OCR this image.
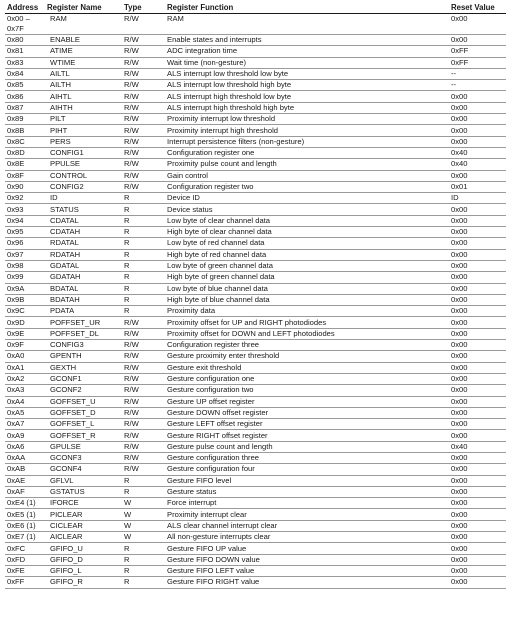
Address	Register Name	Type	Register Function	Reset Value
0x00 – 0x7F	RAM	R/W	RAM	0x00
0x80	ENABLE	R/W	Enable states and interrupts	0x00
0x81	ATIME	R/W	ADC integration time	0xFF
0x83	WTIME	R/W	Wait time (non-gesture)	0xFF
0x84	AILTL	R/W	ALS interrupt low threshold low byte	--
0x85	AILTH	R/W	ALS interrupt low threshold high byte	--
0x86	AIHTL	R/W	ALS interrupt high threshold low byte	0x00
0x87	AIHTH	R/W	ALS interrupt high threshold high byte	0x00
0x89	PILT	R/W	Proximity interrupt low threshold	0x00
0x8B	PIHT	R/W	Proximity interrupt high threshold	0x00
0x8C	PERS	R/W	Interrupt persistence filters (non-gesture)	0x00
0x8D	CONFIG1	R/W	Configuration register one	0x40
0x8E	PPULSE	R/W	Proximity pulse count and length	0x40
0x8F	CONTROL	R/W	Gain control	0x00
0x90	CONFIG2	R/W	Configuration register two	0x01
0x92	ID	R	Device ID	ID
0x93	STATUS	R	Device status	0x00
0x94	CDATAL	R	Low byte of clear channel data	0x00
0x95	CDATAH	R	High byte of clear channel data	0x00
0x96	RDATAL	R	Low byte of red channel data	0x00
0x97	RDATAH	R	High byte of red channel data	0x00
0x98	GDATAL	R	Low byte of green channel data	0x00
0x99	GDATAH	R	High byte of green channel data	0x00
0x9A	BDATAL	R	Low byte of blue channel data	0x00
0x9B	BDATAH	R	High byte of blue channel data	0x00
0x9C	PDATA	R	Proximity data	0x00
0x9D	POFFSET_UR	R/W	Proximity offset for UP and RIGHT photodiodes	0x00
0x9E	POFFSET_DL	R/W	Proximity offset for DOWN and LEFT photodiodes	0x00
0x9F	CONFIG3	R/W	Configuration register three	0x00
0xA0	GPENTH	R/W	Gesture proximity enter threshold	0x00
0xA1	GEXTH	R/W	Gesture exit threshold	0x00
0xA2	GCONF1	R/W	Gesture configuration one	0x00
0xA3	GCONF2	R/W	Gesture configuration two	0x00
0xA4	GOFFSET_U	R/W	Gesture UP offset register	0x00
0xA5	GOFFSET_D	R/W	Gesture DOWN offset register	0x00
0xA7	GOFFSET_L	R/W	Gesture LEFT offset register	0x00
0xA9	GOFFSET_R	R/W	Gesture RIGHT offset register	0x00
0xA6	GPULSE	R/W	Gesture pulse count and length	0x40
0xAA	GCONF3	R/W	Gesture configuration three	0x00
0xAB	GCONF4	R/W	Gesture configuration four	0x00
0xAE	GFLVL	R	Gesture FIFO level	0x00
0xAF	GSTATUS	R	Gesture status	0x00
0xE4 (1)	IFORCE	W	Force interrupt	0x00
0xE5 (1)	PICLEAR	W	Proximity interrupt clear	0x00
0xE6 (1)	CICLEAR	W	ALS clear channel interrupt clear	0x00
0xE7 (1)	AICLEAR	W	All non-gesture interrupts clear	0x00
0xFC	GFIFO_U	R	Gesture FIFO UP value	0x00
0xFD	GFIFO_D	R	Gesture FIFO DOWN value	0x00
0xFE	GFIFO_L	R	Gesture FIFO LEFT value	0x00
0xFF	GFIFO_R	R	Gesture FIFO RIGHT value	0x00
